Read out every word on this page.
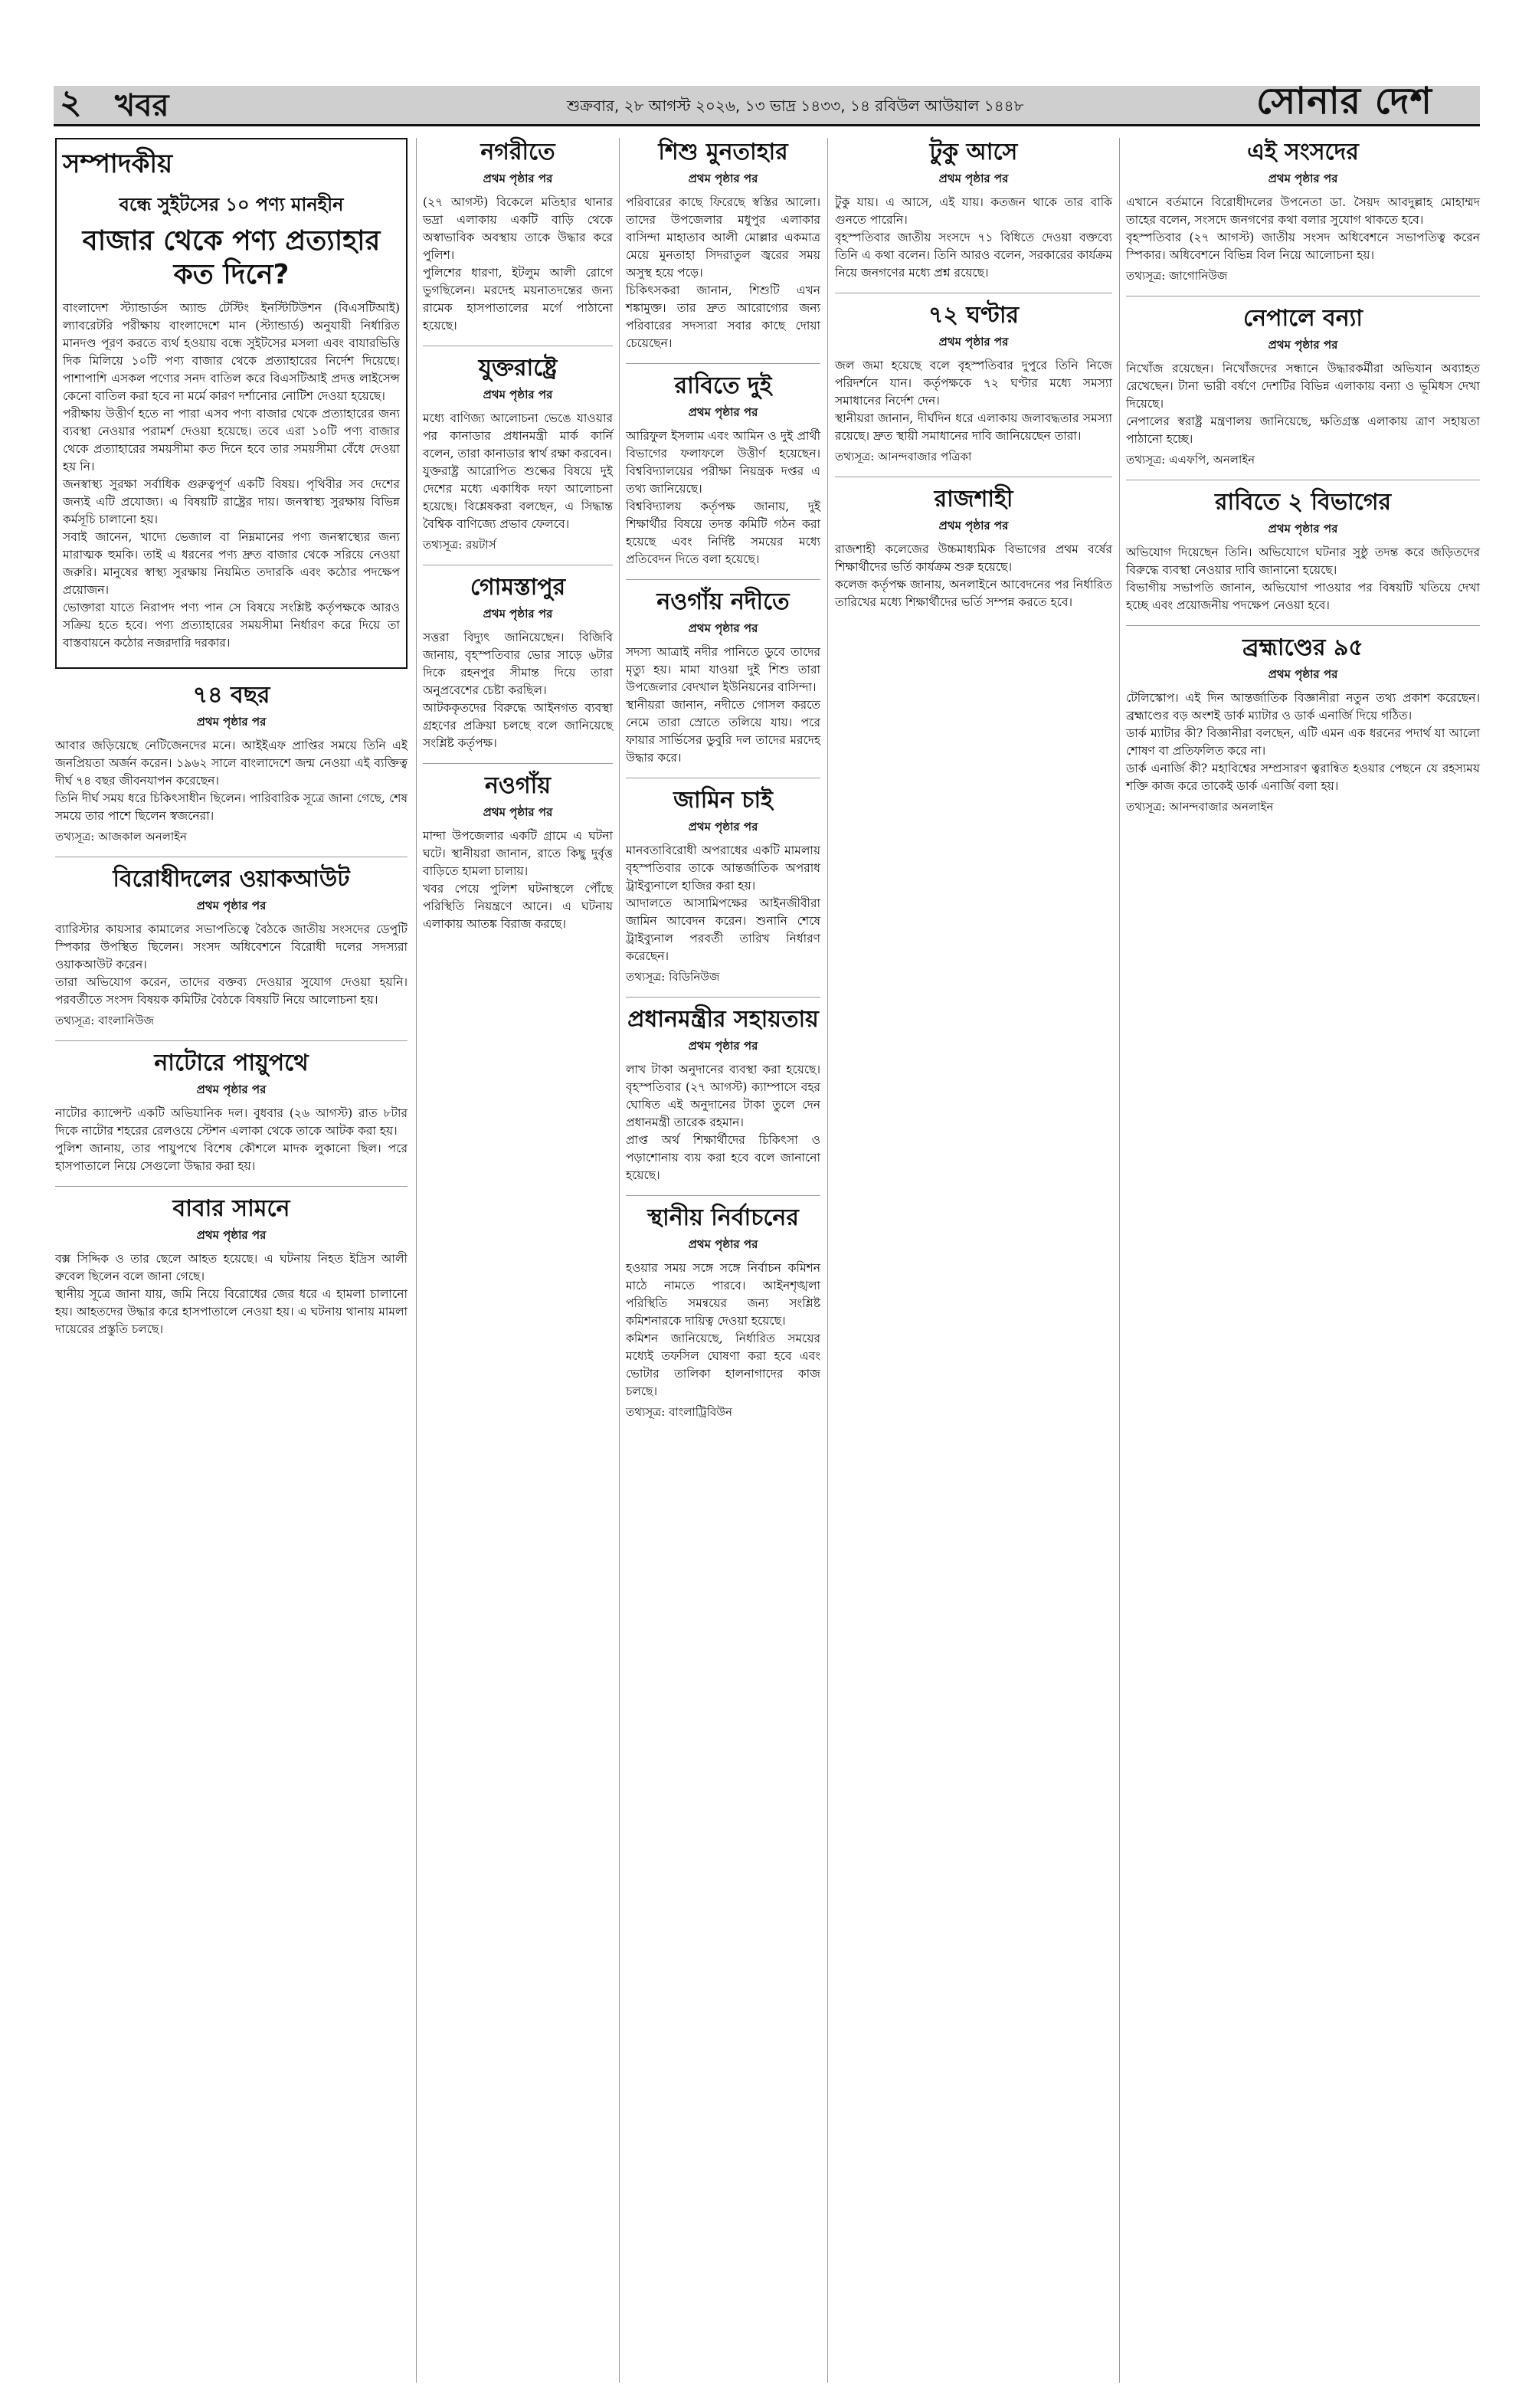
২ খবর	শুক্রবার, ২৮ আগস্ট ২০২৬, ১৩ ভাদ্র ১৪৩৩, ১৪ রবিউল আউয়াল ১৪৪৮	সোনার দেশ
সম্পাদকীয়
বন্ধে সুইটসের ১০ পণ্য মানহীন
বাজার থেকে পণ্য প্রত্যাহার কত দিনে?

বাংলাদেশ স্ট্যান্ডার্ডস অ্যান্ড টেস্টিং ইনস্টিটিউশন (বিএসটিআই) ল্যাবরেটরি পরীক্ষায় বাংলাদেশে মান (স্ট্যান্ডার্ড) অনুযায়ী নির্ধারিত মানদণ্ড পূরণ করতে ব্যর্থ হওয়ায় বন্ধে সুইটসের মসলা এবং বাযারভিত্তি দিক মিলিয়ে ১০টি পণ্য বাজার থেকে প্রত্যাহারের নির্দেশ দিয়েছে। পাশাপাশি এসকল পণ্যের সনদ বাতিল করে বিএসটিআই প্রদত্ত লাইসেন্স কেনো বাতিল করা হবে না মর্মে কারণ দর্শানোর নোটিশ দেওয়া হয়েছে।

পরীক্ষায় উত্তীর্ণ হতে না পারা এসব পণ্য বাজার থেকে প্রত্যাহারের জন্য ব্যবস্থা নেওয়ার পরামর্শ দেওয়া হয়েছে। তবে এরা ১০টি পণ্য বাজার থেকে প্রত্যাহারের সময়সীমা কত দিনে হবে তার সময়সীমা বেঁধে দেওয়া হয় নি।

জনস্বাস্থ্য সুরক্ষা সর্বাধিক গুরুত্বপূর্ণ একটি বিষয়। পৃথিবীর সব দেশের জন্যই এটি প্রযোজ্য। এ বিষয়টি রাষ্ট্রের দায়। জনস্বাস্থ্য সুরক্ষায় বিভিন্ন কর্মসূচি চালানো হয়।

সবাই জানেন, খাদ্যে ভেজাল বা নিম্নমানের পণ্য জনস্বাস্থ্যের জন্য মারাত্মক হুমকি। তাই এ ধরনের পণ্য দ্রুত বাজার থেকে সরিয়ে নেওয়া জরুরি। মানুষের স্বাস্থ্য সুরক্ষায় নিয়মিত তদারকি এবং কঠোর পদক্ষেপ প্রয়োজন।

ভোক্তারা যাতে নিরাপদ পণ্য পান সে বিষয়ে সংশ্লিষ্ট কর্তৃপক্ষকে আরও সক্রিয় হতে হবে। পণ্য প্রত্যাহারের সময়সীমা নির্ধারণ করে দিয়ে তা বাস্তবায়নে কঠোর নজরদারি দরকার।

৭৪ বছর
প্রথম পৃষ্ঠার পর

আবার জড়িয়েছে নেটিজেনদের মনে। আইইএফ প্রাপ্তির সময়ে তিনি এই জনপ্রিয়তা অর্জন করেন। ১৯৬২ সালে বাংলাদেশে জন্ম নেওয়া এই ব্যক্তিত্ব দীর্ঘ ৭৪ বছর জীবনযাপন করেছেন।

তিনি দীর্ঘ সময় ধরে চিকিৎসাধীন ছিলেন। পারিবারিক সূত্রে জানা গেছে, শেষ সময়ে তার পাশে ছিলেন স্বজনেরা।

তথ্যসূত্র: আজকাল অনলাইন
বিরোধীদলের ওয়াকআউট
প্রথম পৃষ্ঠার পর

ব্যারিস্টার কায়সার কামালের সভাপতিত্বে বৈঠকে জাতীয় সংসদের ডেপুটি স্পিকার উপস্থিত ছিলেন। সংসদ অধিবেশনে বিরোধী দলের সদস্যরা ওয়াকআউট করেন।

তারা অভিযোগ করেন, তাদের বক্তব্য দেওয়ার সুযোগ দেওয়া হয়নি। পরবর্তীতে সংসদ বিষয়ক কমিটির বৈঠকে বিষয়টি নিয়ে আলোচনা হয়।

তথ্যসূত্র: বাংলানিউজ
নাটোরে পায়ুপথে
প্রথম পৃষ্ঠার পর

নাটোর ক্যান্সেন্ট একটি অভিযানিক দল। বুধবার (২৬ আগস্ট) রাত ৮টার দিকে নাটোর শহরের রেলওয়ে স্টেশন এলাকা থেকে তাকে আটক করা হয়।

পুলিশ জানায়, তার পায়ুপথে বিশেষ কৌশলে মাদক লুকানো ছিল। পরে হাসপাতালে নিয়ে সেগুলো উদ্ধার করা হয়।

বাবার সামনে
প্রথম পৃষ্ঠার পর

বক্স সিদ্দিক ও তার ছেলে আহত হয়েছে। এ ঘটনায় নিহত ইদ্রিস আলী রুবেল ছিলেন বলে জানা গেছে।

স্থানীয় সূত্রে জানা যায়, জমি নিয়ে বিরোধের জের ধরে এ হামলা চালানো হয়। আহতদের উদ্ধার করে হাসপাতালে নেওয়া হয়। এ ঘটনায় থানায় মামলা দায়েরের প্রস্তুতি চলছে।

নগরীতে
প্রথম পৃষ্ঠার পর

(২৭ আগস্ট) বিকেলে মতিহার থানার ভদ্রা এলাকায় একটি বাড়ি থেকে অস্বাভাবিক অবস্থায় তাকে উদ্ধার করে পুলিশ।

পুলিশের ধারণা, ইটলুম আলী রোগে ভুগছিলেন। মরদেহ ময়নাতদন্তের জন্য রামেক হাসপাতালের মর্গে পাঠানো হয়েছে।

যুক্তরাষ্ট্রে
প্রথম পৃষ্ঠার পর

মধ্যে বাণিজ্য আলোচনা ভেঙে যাওয়ার পর কানাডার প্রধানমন্ত্রী মার্ক কার্নি বলেন, তারা কানাডার স্বার্থ রক্ষা করবেন।

যুক্তরাষ্ট্র আরোপিত শুল্কের বিষয়ে দুই দেশের মধ্যে একাধিক দফা আলোচনা হয়েছে। বিশ্লেষকরা বলছেন, এ সিদ্ধান্ত বৈশ্বিক বাণিজ্যে প্রভাব ফেলবে।

তথ্যসূত্র: রয়টার্স
গোমস্তাপুর
প্রথম পৃষ্ঠার পর

সত্তরা বিদ্যুৎ জানিয়েছেন। বিজিবি জানায়, বৃহস্পতিবার ভোর সাড়ে ৬টার দিকে রহনপুর সীমান্ত দিয়ে তারা অনুপ্রবেশের চেষ্টা করছিল।

আটককৃতদের বিরুদ্ধে আইনগত ব্যবস্থা গ্রহণের প্রক্রিয়া চলছে বলে জানিয়েছে সংশ্লিষ্ট কর্তৃপক্ষ।

নওগাঁয়
প্রথম পৃষ্ঠার পর

মান্দা উপজেলার একটি গ্রামে এ ঘটনা ঘটে। স্থানীয়রা জানান, রাতে কিছু দুর্বৃত্ত বাড়িতে হামলা চালায়।

খবর পেয়ে পুলিশ ঘটনাস্থলে পৌঁছে পরিস্থিতি নিয়ন্ত্রণে আনে। এ ঘটনায় এলাকায় আতঙ্ক বিরাজ করছে।

শিশু মুনতাহার
প্রথম পৃষ্ঠার পর

পরিবারের কাছে ফিরেছে স্বস্তির আলো। তাদের উপজেলার মধুপুর এলাকার বাসিন্দা মাহাতাব আলী মোল্লার একমাত্র মেয়ে মুনতাহা সিদরাতুল জ্বরের সময় অসুস্থ হয়ে পড়ে।

চিকিৎসকরা জানান, শিশুটি এখন শঙ্কামুক্ত। তার দ্রুত আরোগ্যের জন্য পরিবারের সদস্যরা সবার কাছে দোয়া চেয়েছেন।

রাবিতে দুই
প্রথম পৃষ্ঠার পর

আরিফুল ইসলাম এবং আমিন ও দুই প্রার্থী বিভাগের ফলাফলে উত্তীর্ণ হয়েছেন। বিশ্ববিদ্যালয়ের পরীক্ষা নিয়ন্ত্রক দপ্তর এ তথ্য জানিয়েছে।

বিশ্ববিদ্যালয় কর্তৃপক্ষ জানায়, দুই শিক্ষার্থীর বিষয়ে তদন্ত কমিটি গঠন করা হয়েছে এবং নির্দিষ্ট সময়ের মধ্যে প্রতিবেদন দিতে বলা হয়েছে।

নওগাঁয় নদীতে
প্রথম পৃষ্ঠার পর

সদস্য আত্রাই নদীর পানিতে ডুবে তাদের মৃত্যু হয়। মামা যাওয়া দুই শিশু তারা উপজেলার বেদখাল ইউনিয়নের বাসিন্দা।

স্থানীয়রা জানান, নদীতে গোসল করতে নেমে তারা স্রোতে তলিয়ে যায়। পরে ফায়ার সার্ভিসের ডুবুরি দল তাদের মরদেহ উদ্ধার করে।

জামিন চাই
প্রথম পৃষ্ঠার পর

মানবতাবিরোধী অপরাধের একটি মামলায় বৃহস্পতিবার তাকে আন্তর্জাতিক অপরাধ ট্রাইব্যুনালে হাজির করা হয়।

আদালতে আসামিপক্ষের আইনজীবীরা জামিন আবেদন করেন। শুনানি শেষে ট্রাইব্যুনাল পরবর্তী তারিখ নির্ধারণ করেছেন।

তথ্যসূত্র: বিডিনিউজ
প্রধানমন্ত্রীর সহায়তায়
প্রথম পৃষ্ঠার পর

লাখ টাকা অনুদানের ব্যবস্থা করা হয়েছে। বৃহস্পতিবার (২৭ আগস্ট) ক্যাম্পাসে বহর ঘোষিত এই অনুদানের টাকা তুলে দেন প্রধানমন্ত্রী তারেক রহমান।

প্রাপ্ত অর্থ শিক্ষার্থীদের চিকিৎসা ও পড়াশোনায় ব্যয় করা হবে বলে জানানো হয়েছে।

স্থানীয় নির্বাচনের
প্রথম পৃষ্ঠার পর

হওয়ার সময় সঙ্গে সঙ্গে নির্বাচন কমিশন মাঠে নামতে পারবে। আইনশৃঙ্খলা পরিস্থিতি সমন্বয়ের জন্য সংশ্লিষ্ট কমিশনারকে দায়িত্ব দেওয়া হয়েছে।

কমিশন জানিয়েছে, নির্ধারিত সময়ের মধ্যেই তফসিল ঘোষণা করা হবে এবং ভোটার তালিকা হালনাগাদের কাজ চলছে।

তথ্যসূত্র: বাংলাট্রিবিউন
টুকু আসে
প্রথম পৃষ্ঠার পর

টুকু যায়। এ আসে, এই যায়। কতজন থাকে তার বাকি গুনতে পারেনি।

বৃহস্পতিবার জাতীয় সংসদে ৭১ বিধিতে দেওয়া বক্তব্যে তিনি এ কথা বলেন। তিনি আরও বলেন, সরকারের কার্যক্রম নিয়ে জনগণের মধ্যে প্রশ্ন রয়েছে।

৭২ ঘণ্টার
প্রথম পৃষ্ঠার পর

জল জমা হয়েছে বলে বৃহস্পতিবার দুপুরে তিনি নিজে পরিদর্শনে যান। কর্তৃপক্ষকে ৭২ ঘণ্টার মধ্যে সমস্যা সমাধানের নির্দেশ দেন।

স্থানীয়রা জানান, দীর্ঘদিন ধরে এলাকায় জলাবদ্ধতার সমস্যা রয়েছে। দ্রুত স্থায়ী সমাধানের দাবি জানিয়েছেন তারা।

তথ্যসূত্র: আনন্দবাজার পত্রিকা
রাজশাহী
প্রথম পৃষ্ঠার পর

রাজশাহী কলেজের উচ্চমাধ্যমিক বিভাগের প্রথম বর্ষের শিক্ষার্থীদের ভর্তি কার্যক্রম শুরু হয়েছে।

কলেজ কর্তৃপক্ষ জানায়, অনলাইনে আবেদনের পর নির্ধারিত তারিখের মধ্যে শিক্ষার্থীদের ভর্তি সম্পন্ন করতে হবে।

এই সংসদের
প্রথম পৃষ্ঠার পর

এখানে বর্তমানে বিরোধীদলের উপনেতা ডা. সৈয়দ আবদুল্লাহ মোহাম্মদ তাহের বলেন, সংসদে জনগণের কথা বলার সুযোগ থাকতে হবে।

বৃহস্পতিবার (২৭ আগস্ট) জাতীয় সংসদ অধিবেশনে সভাপতিত্ব করেন স্পিকার। অধিবেশনে বিভিন্ন বিল নিয়ে আলোচনা হয়।

তথ্যসূত্র: জাগোনিউজ
নেপালে বন্যা
প্রথম পৃষ্ঠার পর

নিখোঁজ রয়েছেন। নিখোঁজদের সন্ধানে উদ্ধারকর্মীরা অভিযান অব্যাহত রেখেছেন। টানা ভারী বর্ষণে দেশটির বিভিন্ন এলাকায় বন্যা ও ভূমিধস দেখা দিয়েছে।

নেপালের স্বরাষ্ট্র মন্ত্রণালয় জানিয়েছে, ক্ষতিগ্রস্ত এলাকায় ত্রাণ সহায়তা পাঠানো হচ্ছে।

তথ্যসূত্র: এএফপি, অনলাইন
রাবিতে ২ বিভাগের
প্রথম পৃষ্ঠার পর

অভিযোগ দিয়েছেন তিনি। অভিযোগে ঘটনার সুষ্ঠু তদন্ত করে জড়িতদের বিরুদ্ধে ব্যবস্থা নেওয়ার দাবি জানানো হয়েছে।

বিভাগীয় সভাপতি জানান, অভিযোগ পাওয়ার পর বিষয়টি খতিয়ে দেখা হচ্ছে এবং প্রয়োজনীয় পদক্ষেপ নেওয়া হবে।

ব্রহ্মাণ্ডের ৯৫
প্রথম পৃষ্ঠার পর

টেলিস্কোপ। এই দিন আন্তর্জাতিক বিজ্ঞানীরা নতুন তথ্য প্রকাশ করেছেন। ব্রহ্মাণ্ডের বড় অংশই ডার্ক ম্যাটার ও ডার্ক এনার্জি দিয়ে গঠিত।

ডার্ক ম্যাটার কী? বিজ্ঞানীরা বলছেন, এটি এমন এক ধরনের পদার্থ যা আলো শোষণ বা প্রতিফলিত করে না।

ডার্ক এনার্জি কী? মহাবিশ্বের সম্প্রসারণ ত্বরান্বিত হওয়ার পেছনে যে রহস্যময় শক্তি কাজ করে তাকেই ডার্ক এনার্জি বলা হয়।

তথ্যসূত্র: আনন্দবাজার অনলাইন
